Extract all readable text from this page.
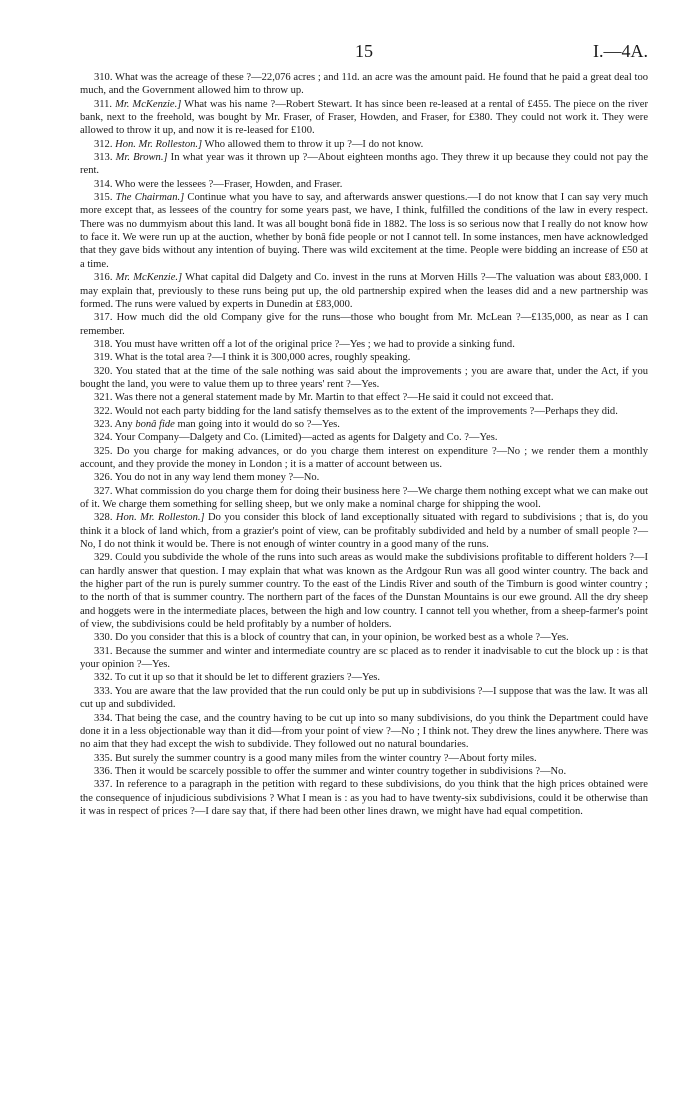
15	I.—4A.

310. What was the acreage of these ?—22,076 acres ; and 11d. an acre was the amount paid. He found that he paid a great deal too much, and the Government allowed him to throw up.

311. Mr. McKenzie.] What was his name ?—Robert Stewart. It has since been re-leased at a rental of £455. The piece on the river bank, next to the freehold, was bought by Mr. Fraser, of Fraser, Howden, and Fraser, for £380. They could not work it. They were allowed to throw it up, and now it is re-leased for £100.

312. Hon. Mr. Rolleston.] Who allowed them to throw it up ?—I do not know.

313. Mr. Brown.] In what year was it thrown up ?—About eighteen months ago. They threw it up because they could not pay the rent.

314. Who were the lessees ?—Fraser, Howden, and Fraser.

315. The Chairman.] Continue what you have to say, and afterwards answer questions.—I do not know that I can say very much more except that, as lessees of the country for some years past, we have, I think, fulfilled the conditions of the law in every respect. There was no dummyism about this land. It was all bought bonâ fide in 1882. The loss is so serious now that I really do not know how to face it. We were run up at the auction, whether by bonâ fide people or not I cannot tell. In some instances, men have acknowledged that they gave bids without any intention of buying. There was wild excitement at the time. People were bidding an increase of £50 at a time.

316. Mr. McKenzie.] What capital did Dalgety and Co. invest in the runs at Morven Hills ?—The valuation was about £83,000. I may explain that, previously to these runs being put up, the old partnership expired when the leases did and a new partnership was formed. The runs were valued by experts in Dunedin at £83,000.

317. How much did the old Company give for the runs—those who bought from Mr. McLean ?—£135,000, as near as I can remember.

318. You must have written off a lot of the original price ?—Yes ; we had to provide a sinking fund.

319. What is the total area ?—I think it is 300,000 acres, roughly speaking.

320. You stated that at the time of the sale nothing was said about the improvements ; you are aware that, under the Act, if you bought the land, you were to value them up to three years' rent ?—Yes.

321. Was there not a general statement made by Mr. Martin to that effect ?—He said it could not exceed that.

322. Would not each party bidding for the land satisfy themselves as to the extent of the improvements ?—Perhaps they did.

323. Any bonâ fide man going into it would do so ?—Yes.

324. Your Company—Dalgety and Co. (Limited)—acted as agents for Dalgety and Co. ?—Yes.

325. Do you charge for making advances, or do you charge them interest on expenditure ?—No ; we render them a monthly account, and they provide the money in London ; it is a matter of account between us.

326. You do not in any way lend them money ?—No.

327. What commission do you charge them for doing their business here ?—We charge them nothing except what we can make out of it. We charge them something for selling sheep, but we only make a nominal charge for shipping the wool.

328. Hon. Mr. Rolleston.] Do you consider this block of land exceptionally situated with regard to subdivisions ; that is, do you think it a block of land which, from a grazier's point of view, can be profitably subdivided and held by a number of small people ?—No, I do not think it would be. There is not enough of winter country in a good many of the runs.

329. Could you subdivide the whole of the runs into such areas as would make the subdivisions profitable to different holders ?—I can hardly answer that question. I may explain that what was known as the Ardgour Run was all good winter country. The back and the higher part of the run is purely summer country. To the east of the Lindis River and south of the Timburn is good winter country ; to the north of that is summer country. The northern part of the faces of the Dunstan Mountains is our ewe ground. All the dry sheep and hoggets were in the intermediate places, between the high and low country. I cannot tell you whether, from a sheep-farmer's point of view, the subdivisions could be held profitably by a number of holders.

330. Do you consider that this is a block of country that can, in your opinion, be worked best as a whole ?—Yes.

331. Because the summer and winter and intermediate country are sc placed as to render it inadvisable to cut the block up : is that your opinion ?—Yes.

332. To cut it up so that it should be let to different graziers ?—Yes.

333. You are aware that the law provided that the run could only be put up in subdivisions ?—I suppose that was the law. It was all cut up and subdivided.

334. That being the case, and the country having to be cut up into so many subdivisions, do you think the Department could have done it in a less objectionable way than it did—from your point of view ?—No ; I think not. They drew the lines anywhere. There was no aim that they had except the wish to subdivide. They followed out no natural boundaries.

335. But surely the summer country is a good many miles from the winter country ?—About forty miles.

336. Then it would be scarcely possible to offer the summer and winter country together in subdivisions ?—No.

337. In reference to a paragraph in the petition with regard to these subdivisions, do you think that the high prices obtained were the consequence of injudicious subdivisions ? What I mean is : as you had to have twenty-six subdivisions, could it be otherwise than it was in respect of prices ?—I dare say that, if there had been other lines drawn, we might have had equal competition.
